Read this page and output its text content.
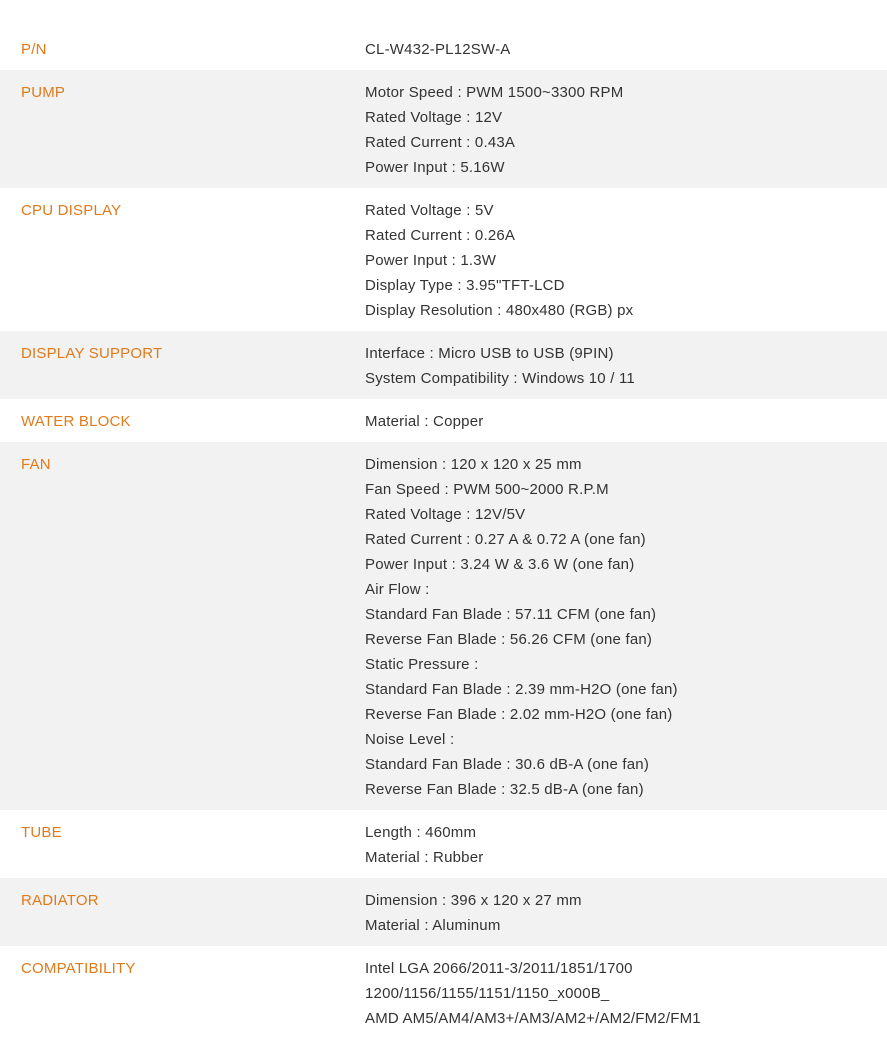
P/N	CL-W432-PL12SW-A
PUMP	Motor Speed : PWM 1500~3300 RPM
Rated Voltage : 12V
Rated Current : 0.43A
Power Input : 5.16W
CPU DISPLAY	Rated Voltage : 5V
Rated Current : 0.26A
Power Input : 1.3W
Display Type : 3.95"TFT-LCD
Display Resolution : 480x480 (RGB) px
DISPLAY SUPPORT	Interface : Micro USB to USB (9PIN)
System Compatibility : Windows 10 / 11
WATER BLOCK	Material : Copper
FAN	Dimension : 120 x 120 x 25 mm
Fan Speed : PWM 500~2000 R.P.M
Rated Voltage : 12V/5V
Rated Current : 0.27 A & 0.72 A (one fan)
Power Input : 3.24 W & 3.6 W (one fan)
Air Flow :
Standard Fan Blade : 57.11 CFM (one fan)
Reverse Fan Blade : 56.26 CFM (one fan)
Static Pressure :
Standard Fan Blade : 2.39 mm-H2O (one fan)
Reverse Fan Blade : 2.02 mm-H2O (one fan)
Noise Level :
Standard Fan Blade : 30.6 dB-A (one fan)
Reverse Fan Blade : 32.5 dB-A (one fan)
TUBE	Length : 460mm
Material : Rubber
RADIATOR	Dimension : 396 x 120 x 27 mm
Material : Aluminum
COMPATIBILITY	Intel LGA 2066/2011-3/2011/1851/1700
1200/1156/1155/1151/1150_x000B_
AMD AM5/AM4/AM3+/AM3/AM2+/AM2/FM2/FM1
